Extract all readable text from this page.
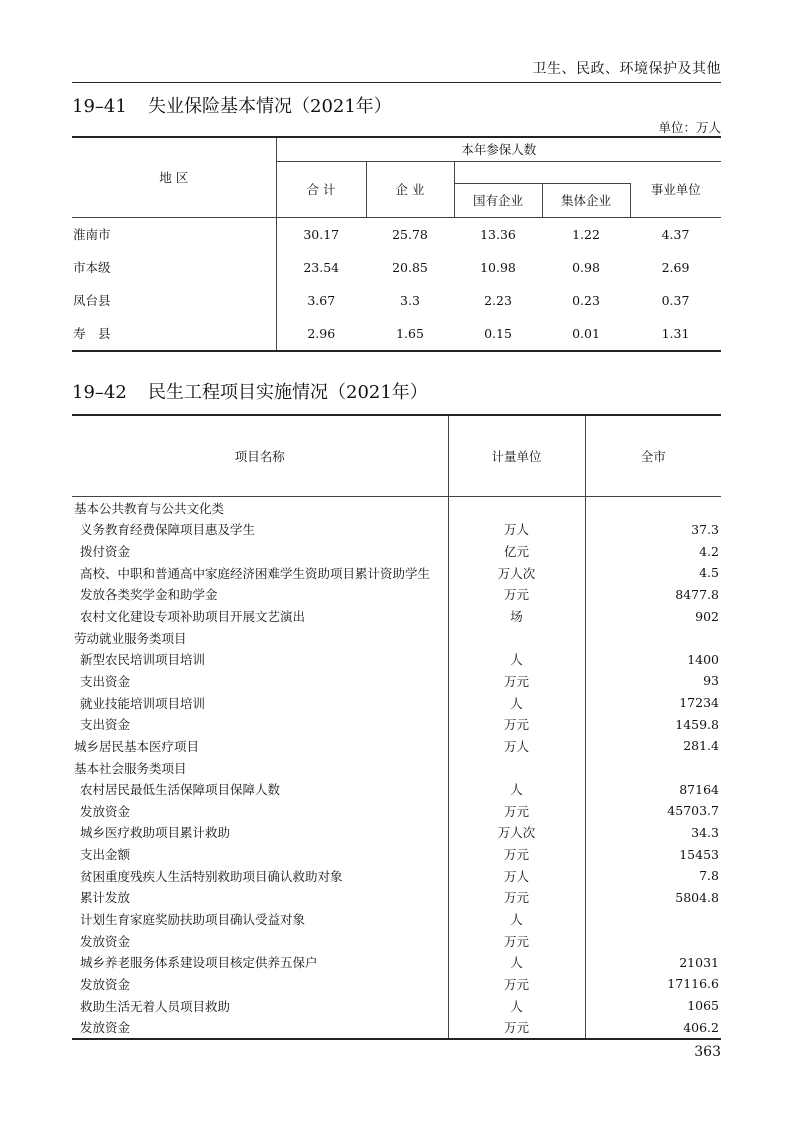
卫生、民政、环境保护及其他
19–41 失业保险基本情况（2021年）
单位：万人
地 区	本年参保人数				
	合 计	企 业			事业单位
			国有企业	集体企业	
淮南市	30.17	25.78	13.36	1.22	4.37
市本级	23.54	20.85	10.98	0.98	2.69
凤台县	3.67	3.3	2.23	0.23	0.37
寿　县	2.96	1.65	0.15	0.01	1.31
19–42 民生工程项目实施情况（2021年）
项目名称	计量单位	全市
基本公共教育与公共文化类		
义务教育经费保障项目惠及学生	万人	37.3
拨付资金	亿元	4.2
高校、中职和普通高中家庭经济困难学生资助项目累计资助学生	万人次	4.5
发放各类奖学金和助学金	万元	8477.8
农村文化建设专项补助项目开展文艺演出	场	902
劳动就业服务类项目		
新型农民培训项目培训	人	1400
支出资金	万元	93
就业技能培训项目培训	人	17234
支出资金	万元	1459.8
城乡居民基本医疗项目	万人	281.4
基本社会服务类项目		
农村居民最低生活保障项目保障人数	人	87164
发放资金	万元	45703.7
城乡医疗救助项目累计救助	万人次	34.3
支出金额	万元	15453
贫困重度残疾人生活特别救助项目确认救助对象	万人	7.8
累计发放	万元	5804.8
计划生育家庭奖励扶助项目确认受益对象	人	
发放资金	万元	
城乡养老服务体系建设项目核定供养五保户	人	21031
发放资金	万元	17116.6
救助生活无着人员项目救助	人	1065
发放资金	万元	406.2
363
